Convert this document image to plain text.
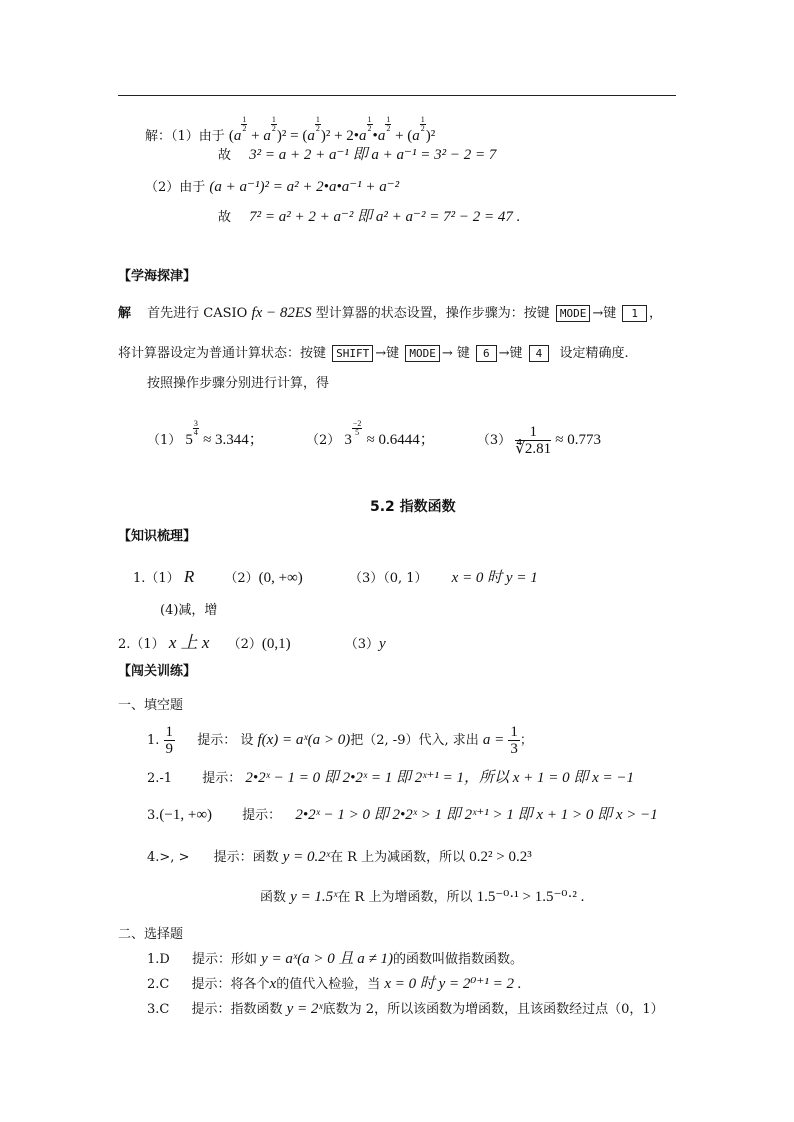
解：（1）由于 (a
$\frac{1}{2}$
+ a
$\frac{1}{2}$
)² = (a
$\frac{1}{2}$
)² + 2•a
$\frac{1}{2}$
•a
$\frac{1}{2}$
+ (a
$\frac{1}{2}$
)²
故 3² = a + 2 + a⁻¹ 即 a + a⁻¹ = 3² − 2 = 7
（2）由于 (a + a⁻¹)² = a² + 2•a•a⁻¹ + a⁻²
故 7² = a² + 2 + a⁻² 即 a² + a⁻² = 7² − 2 = 47 .
【学海探津】
解 首先进行 CASIO fx − 82ES 型计算器的状态设置，操作步骤为：按键 MODE →键 1 ，
将计算器设定为普通计算状态：按键 SHIFT →键 MODE → 键 6 →键 4 设定精确度.
按照操作步骤分别进行计算，得
（1） 5
$\frac{3}{4}$
≈ 3.344；	（2） 3
$\frac{-2}{5}$
≈ 0.6444；	$(3) \frac{1}{∜2.81} \approx 0.773$
5.2 指数函数
【知识梳理】
1.（1） R （2）(0, +∞)	（3）（0, 1） x = 0 时 y = 1
(4)减，增
2.（1） x 上 x （2）(0,1)	（3）y
【闯关训练】
一、填空题
1. $\frac{1}{9}$ 提示： 设 f(x) = aˣ(a > 0)把（2, -9）代入, 求出 $a = \frac{1}{3}$ ；
2.-1 提示： 2•2ˣ − 1 = 0 即 2•2ˣ = 1 即 2ˣ⁺¹ = 1，所以 x + 1 = 0 即 x = −1
3.(−1, +∞) 提示： 2•2ˣ − 1 > 0 即 2•2ˣ > 1 即 2ˣ⁺¹ > 1 即 x + 1 > 0 即 x > −1
4.>, > 提示：函数 y = 0.2ˣ在 R 上为减函数，所以 0.2² > 0.2³
函数 y = 1.5ˣ在 R 上为增函数，所以 1.5⁻⁰·¹ > 1.5⁻⁰·² .
二、选择题
1.D 提示：形如 y = aˣ(a > 0 且 a ≠ 1)的函数叫做指数函数。
2.C 提示：将各个x的值代入检验，当 x = 0 时 y = 2⁰⁺¹ = 2 .
3.C 提示：指数函数 y = 2ˣ底数为 2，所以该函数为增函数，且该函数经过点（0，1）
